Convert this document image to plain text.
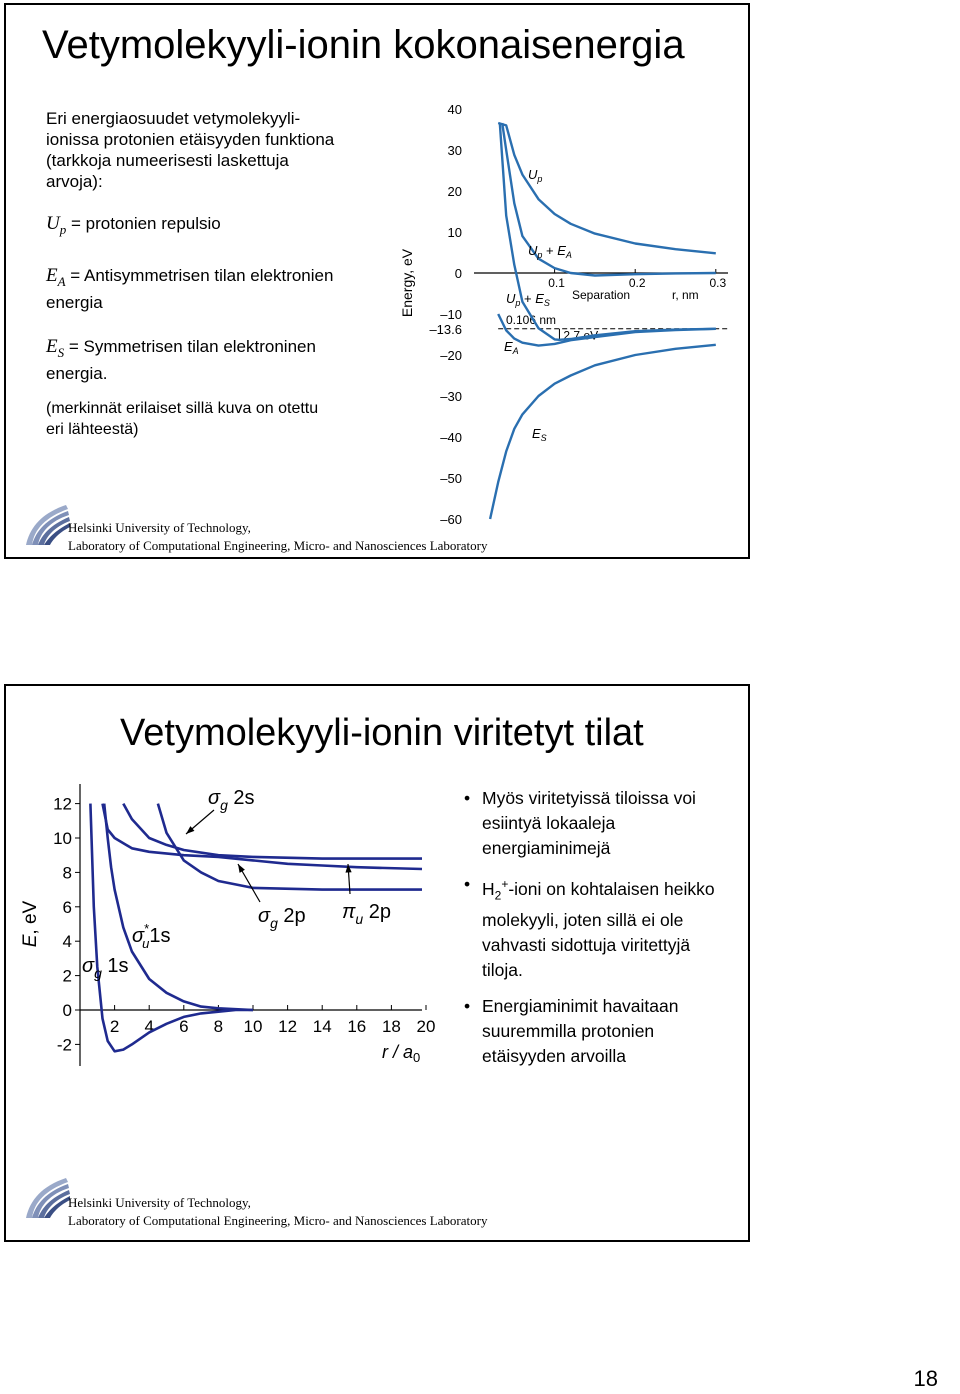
Vetymolekyyli-ionin kokonaisenergia
Eri energiaosuudet vetymolekyyli-ionissa protonien etäisyyden funktiona (tarkkoja numeerisesti laskettuja arvoja):
$U_p$ = protonien repulsio
$E_A$ = Antisymmetrisen tilan elektronien energia
$E_S$ = Symmetrisen tilan elektroninen energia.
(merkinnät erilaiset sillä kuva on otettu eri lähteestä)
40
30
20
10
0
–10
–13.6
–20
–30
–40
–50
–60
Energy, eV	0.1	0.2	0.3
Separation	r, nm
0.106 nm
2.7 eV
$U_p$
$U_p + E_A$
$U_p + E_S$
$E_A$
$E_S$
Helsinki University of Technology,
Laboratory of Computational Engineering, Micro- and Nanosciences Laboratory
Vetymolekyyli-ionin viritetyt tilat
12
10
8
6
4
2
0
-2
E, eV
2 4 6 8 10 12 14 16 18 20
r / $a_0$
$\sigma_g$ 1s
σ* u1s
$\sigma_g$ 2s
$\sigma_g$ 2p $\pi_u$ 2p
• Myös viritetyissä tiloissa voi esiintyä lokaaleja energiaminimejä
• $H_2^+$-ioni on kohtalaisen heikko molekyyli, joten sillä ei ole vahvasti sidottuja viritettyjä tiloja.
• Energiaminimit havaitaan suuremmilla protonien etäisyyden arvoilla
Helsinki University of Technology,
Laboratory of Computational Engineering, Micro- and Nanosciences Laboratory
18
